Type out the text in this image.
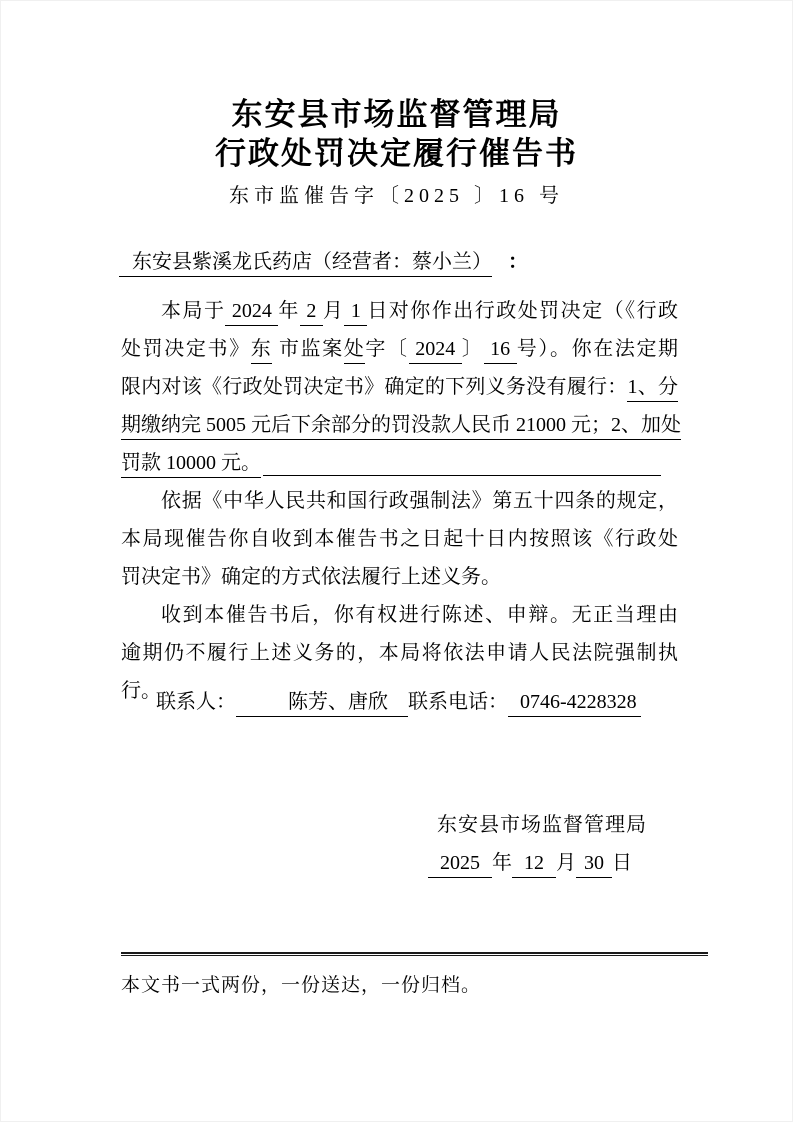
东安县市场监督管理局
行政处罚决定履行催告书
东市监催告字〔2025 〕16 号
东安县紫溪龙氏药店（经营者：蔡小兰） ：
本局于 2024 年 2 月 1 日对你作出行政处罚决定（《行政
处罚决定书》东 市监案处字〔 2024 〕 16 号）。你在法定期
限内对该《行政处罚决定书》确定的下列义务没有履行：1、分
期缴纳完 5005 元后下余部分的罚没款人民币 21000 元；2、加处
罚款 10000 元。
依据《中华人民共和国行政强制法》第五十四条的规定，
本局现催告你自收到本催告书之日起十日内按照该《行政处
罚决定书》确定的方式依法履行上述义务。
收到本催告书后，你有权进行陈述、申辩。无正当理由
逾期仍不履行上述义务的，本局将依法申请人民法院强制执
行。
联系人：	陈芳、唐欣 联系电话： 0746-4228328
东安县市场监督管理局
2025 年 12 月 30 日
本文书一式两份，一份送达，一份归档。
